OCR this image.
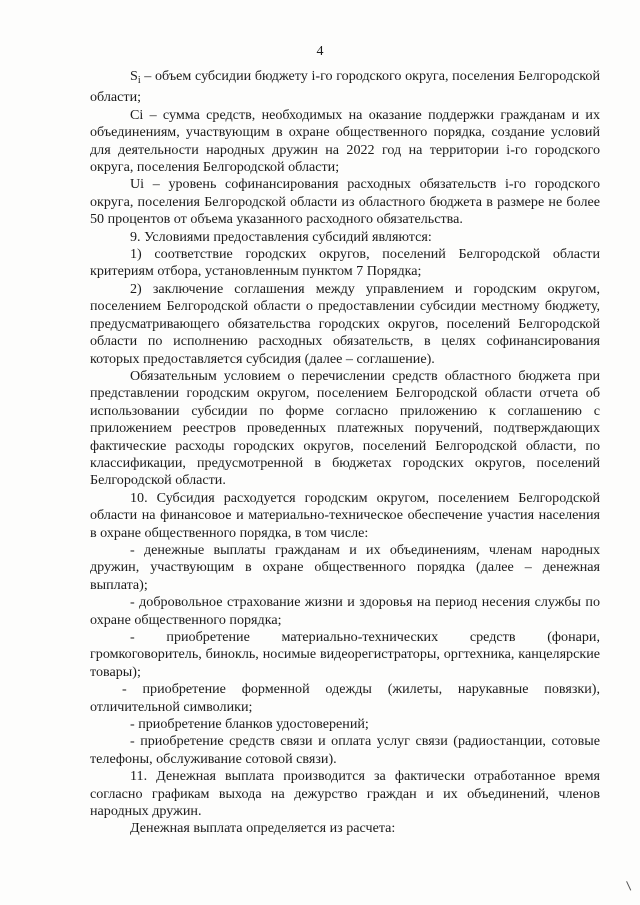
4

$S_i$ – объем субсидии бюджету i-го городского округа, поселения Белгородской области;

Ci – сумма средств, необходимых на оказание поддержки гражданам и их объединениям, участвующим в охране общественного порядка, создание условий для деятельности народных дружин на 2022 год на территории i-го городского округа, поселения Белгородской области;

Ui – уровень софинансирования расходных обязательств i-го городского округа, поселения Белгородской области из областного бюджета в размере не более 50 процентов от объема указанного расходного обязательства.

9. Условиями предоставления субсидий являются:

1) соответствие городских округов, поселений Белгородской области критериям отбора, установленным пунктом 7 Порядка;

2) заключение соглашения между управлением и городским округом, поселением Белгородской области о предоставлении субсидии местному бюджету, предусматривающего обязательства городских округов, поселений Белгородской области по исполнению расходных обязательств, в целях софинансирования которых предоставляется субсидия (далее – соглашение).

Обязательным условием о перечислении средств областного бюджета при представлении городским округом, поселением Белгородской области отчета об использовании субсидии по форме согласно приложению к соглашению с приложением реестров проведенных платежных поручений, подтверждающих фактические расходы городских округов, поселений Белгородской области, по классификации, предусмотренной в бюджетах городских округов, поселений Белгородской области.

10. Субсидия расходуется городским округом, поселением Белгородской области на финансовое и материально-техническое обеспечение участия населения в охране общественного порядка, в том числе:

- денежные выплаты гражданам и их объединениям, членам народных дружин, участвующим в охране общественного порядка (далее – денежная выплата);

- добровольное страхование жизни и здоровья на период несения службы по охране общественного порядка;

- приобретение материально-технических средств (фонари, громкоговоритель, бинокль, носимые видеорегистраторы, оргтехника, канцелярские товары);

- приобретение форменной одежды (жилеты, нарукавные повязки), отличительной символики;

- приобретение бланков удостоверений;

- приобретение средств связи и оплата услуг связи (радиостанции, сотовые телефоны, обслуживание сотовой связи).

11. Денежная выплата производится за фактически отработанное время согласно графикам выхода на дежурство граждан и их объединений, членов народных дружин.

Денежная выплата определяется из расчета:
